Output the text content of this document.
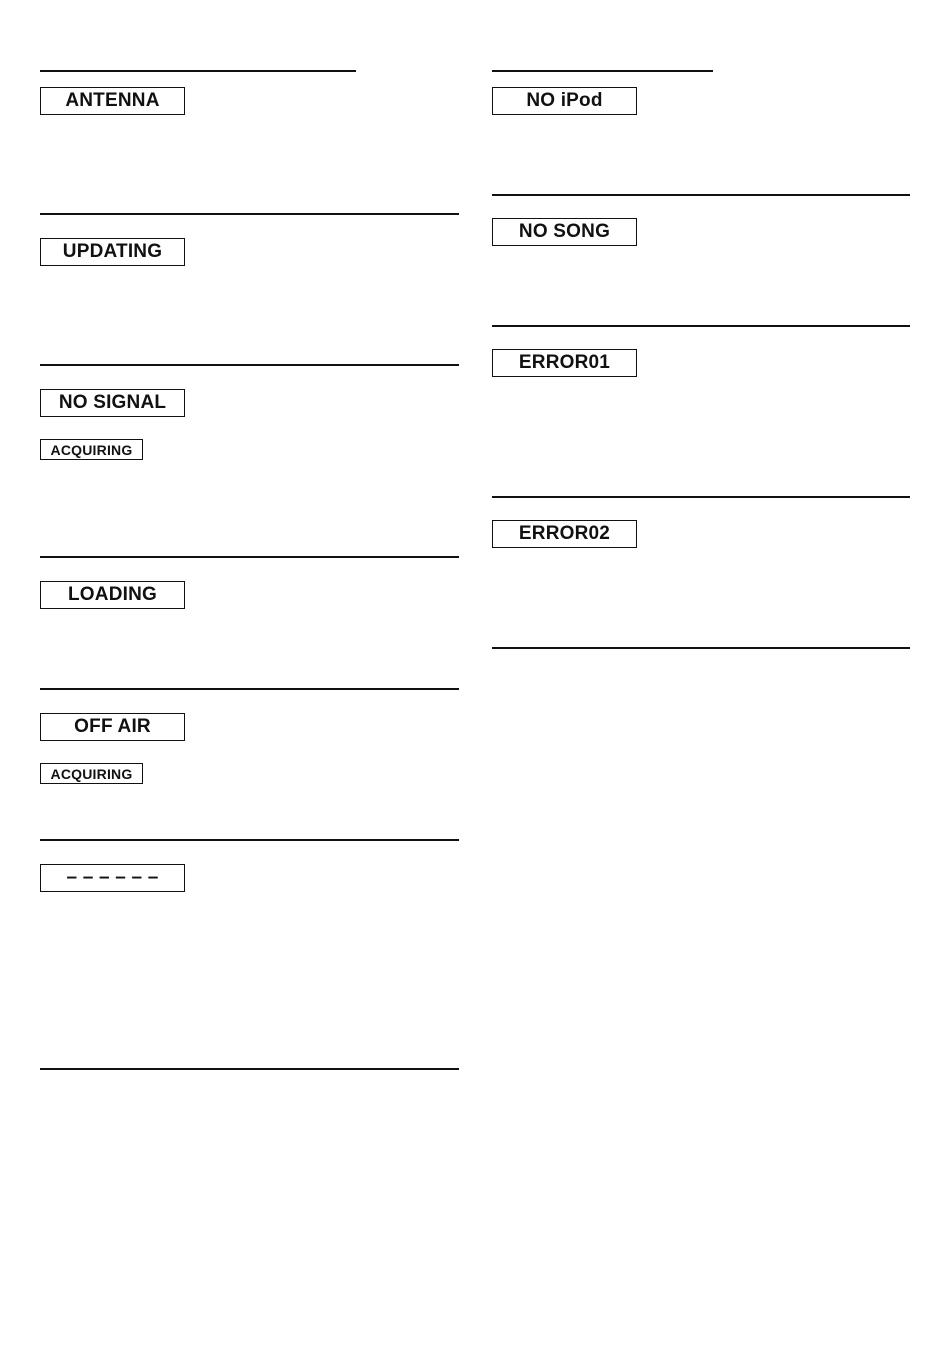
ANTENNA
UPDATING
NO SIGNAL
ACQUIRING
LOADING
OFF AIR
ACQUIRING
– – – – – –
NO iPod
NO SONG
ERROR01
ERROR02
